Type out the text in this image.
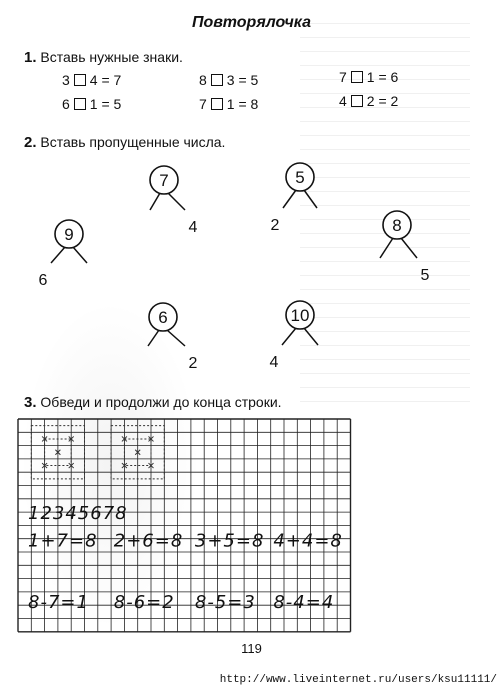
Повторялочка
1. Вставь нужные знаки.
3 4 = 7
6 1 = 5
8 3 = 5
7 1 = 8
7 1 = 6
4 2 = 2
2. Вставь пропущенные числа.
7
4
5
2
9
6
8
5
6
2
10
4
3. Обведи и продолжи до конца строки.
12345678
1+7=8 2+6=8 3+5=8 4+4=8
8-7=1 8-6=2 8-5=3 8-4=4
119
http://www.liveinternet.ru/users/ksu11111/
